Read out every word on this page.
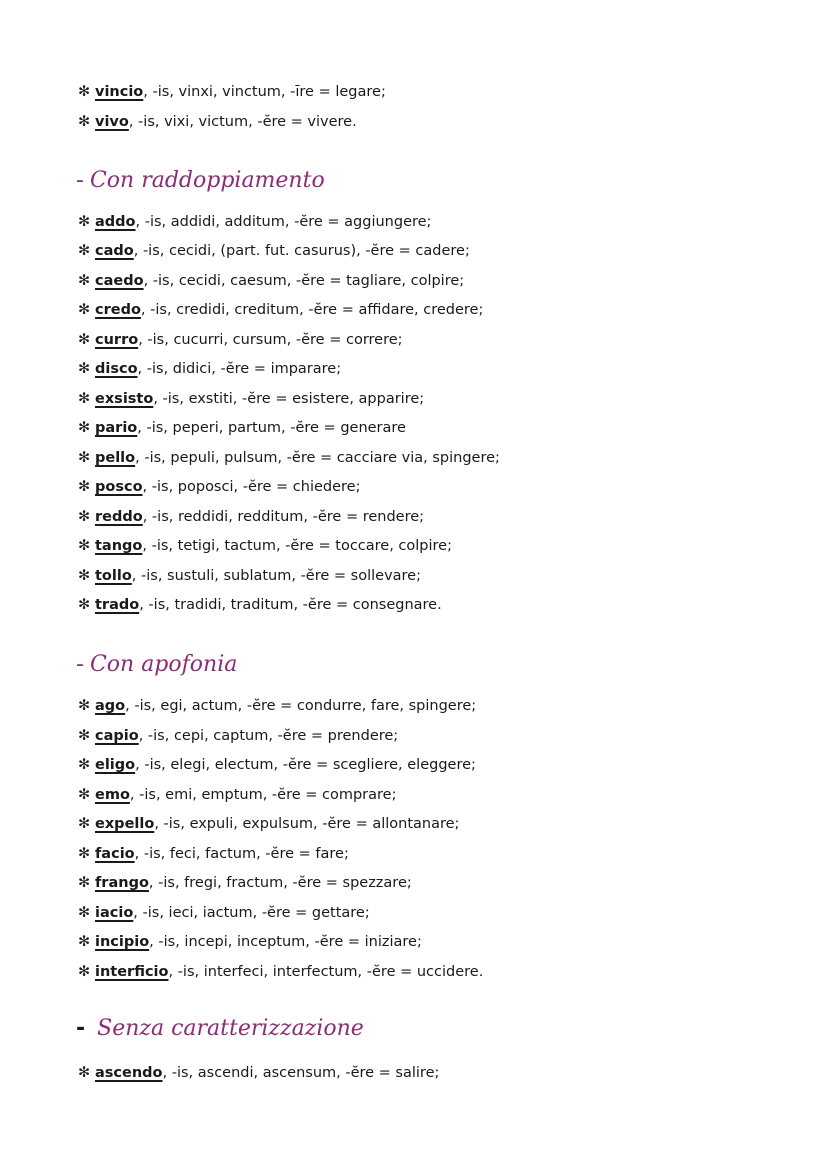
✻ vincio, -is, vinxi, vinctum, -īre = legare;
✻ vivo, -is, vixi, victum, -ĕre = vivere.
- Con raddoppiamento
✻ addo, -is, addidi, additum, -ĕre = aggiungere;
✻ cado, -is, cecidi, (part. fut. casurus), -ĕre = cadere;
✻ caedo, -is, cecidi, caesum, -ĕre = tagliare, colpire;
✻ credo, -is, credidi, creditum, -ĕre = affidare, credere;
✻ curro, -is, cucurri, cursum, -ĕre = correre;
✻ disco, -is, didici, -ĕre = imparare;
✻ exsisto, -is, exstiti, -ĕre = esistere, apparire;
✻ pario, -is, peperi, partum, -ĕre = generare
✻ pello, -is, pepuli, pulsum, -ĕre = cacciare via, spingere;
✻ posco, -is, poposci, -ĕre = chiedere;
✻ reddo, -is, reddidi, redditum, -ĕre = rendere;
✻ tango, -is, tetigi, tactum, -ĕre = toccare, colpire;
✻ tollo, -is, sustuli, sublatum, -ĕre = sollevare;
✻ trado, -is, tradidi, traditum, -ĕre = consegnare.
- Con apofonia
✻ ago, -is, egi, actum, -ĕre = condurre, fare, spingere;
✻ capio, -is, cepi, captum, -ĕre = prendere;
✻ eligo, -is, elegi, electum, -ĕre = scegliere, eleggere;
✻ emo, -is, emi, emptum, -ĕre = comprare;
✻ expello, -is, expuli, expulsum, -ĕre = allontanare;
✻ facio, -is, feci, factum, -ĕre = fare;
✻ frango, -is, fregi, fractum, -ĕre = spezzare;
✻ iacio, -is, ieci, iactum, -ĕre = gettare;
✻ incipio, -is, incepi, inceptum, -ĕre = iniziare;
✻ interficio, -is, interfeci, interfectum, -ĕre = uccidere.
- Senza caratterizzazione
✻ ascendo, -is, ascendi, ascensum, -ĕre = salire;
